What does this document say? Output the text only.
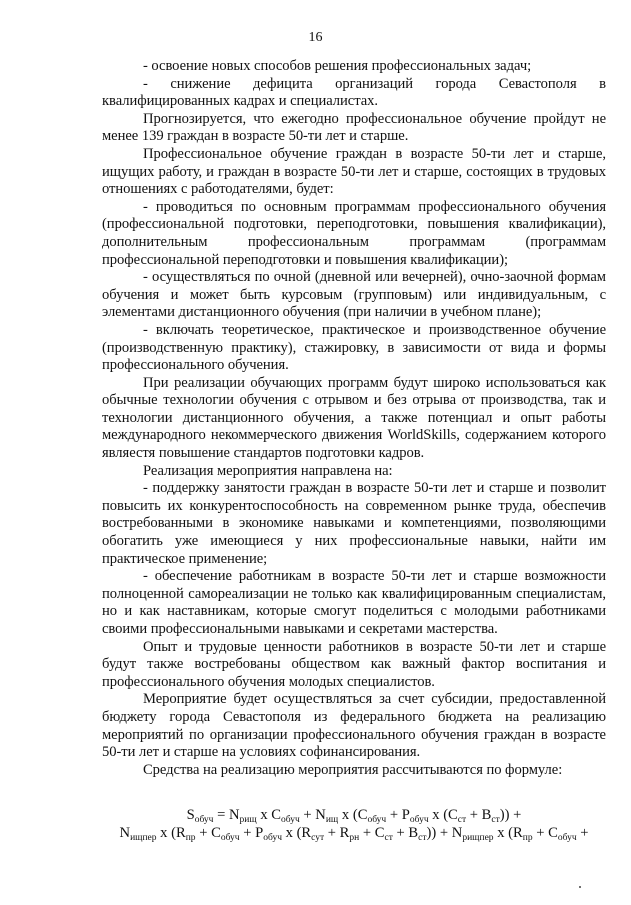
16

- освоение новых способов решения профессиональных задач;

- снижение дефицита организаций города Севастополя в квалифицированных кадрах и специалистах.

Прогнозируется, что ежегодно профессиональное обучение пройдут не менее 139 граждан в возрасте 50-ти лет и старше.

Профессиональное обучение граждан в возрасте 50-ти лет и старше, ищущих работу, и граждан в возрасте 50-ти лет и старше, состоящих в трудовых отношениях с работодателями, будет:

- проводиться по основным программам профессионального обучения (профессиональной подготовки, переподготовки, повышения квалификации), дополнительным профессиональным программам (программам профессиональной переподготовки и повышения квалификации);

- осуществляться по очной (дневной или вечерней), очно-заочной формам обучения и может быть курсовым (групповым) или индивидуальным, с элементами дистанционного обучения (при наличии в учебном плане);

- включать теоретическое, практическое и производственное обучение (производственную практику), стажировку, в зависимости от вида и формы профессионального обучения.

При реализации обучающих программ будут широко использоваться как обычные технологии обучения с отрывом и без отрыва от производства, так и технологии дистанционного обучения, а также потенциал и опыт работы международного некоммерческого движения WorldSkills, содержанием которого являестя повышение стандартов подготовки кадров.

Реализация мероприятия направлена на:

- поддержку занятости граждан в возрасте 50-ти лет и старше и позволит повысить их конкурентоспособность на современном рынке труда, обеспечив востребованными в экономике навыками и компетенциями, позволяющими обогатить уже имеющиеся у них профессиональные навыки, найти им практическое применение;

- обеспечение работникам в возрасте 50-ти лет и старше возможности полноценной самореализации не только как квалифицированным специалистам, но и как наставникам, которые смогут поделиться с молодыми работниками своими профессиональными навыками и секретами мастерства.

Опыт и трудовые ценности работников в возрасте 50-ти лет и старше будут также востребованы обществом как важный фактор воспитания и профессионального обучения молодых специалистов.

Мероприятие будет осуществляться за счет субсидии, предоставленной бюджету города Севастополя из федерального бюджета на реализацию мероприятий по организации профессионального обучения граждан в возрасте 50-ти лет и старше на условиях софинансирования.

Средства на реализацию мероприятия рассчитываются по формуле:

$S_{обуч} = N_{рищ}$ x $C_{обуч} + N_{ищ}$ x ($C_{обуч} + P_{обуч}$ x $(C_{ст} + B_{ст})$) +
$N_{ищпер}$ x ($R_{пр} + C_{обуч} + P_{обуч}$ x $(R_{сут} + R_{рн} + C_{ст} + B_{ст})) + N_{рищпер}$ x ($R_{пр} + C_{обуч}$ +
